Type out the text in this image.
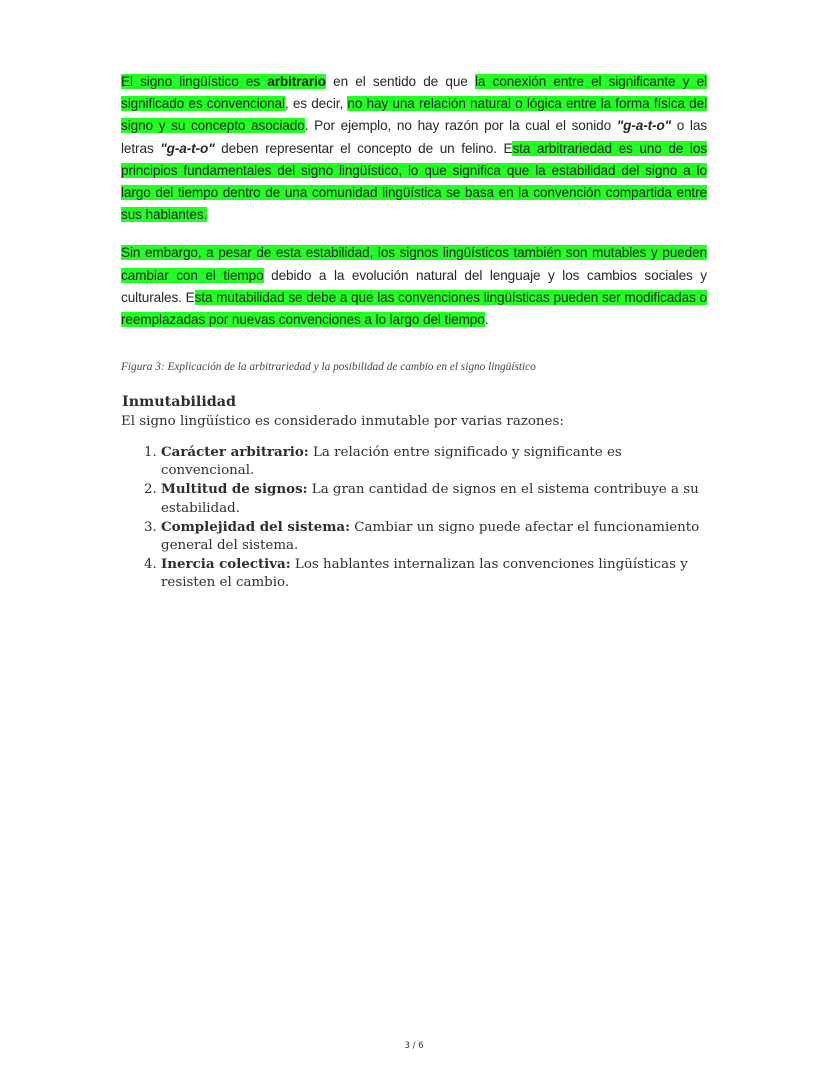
El signo lingüístico es arbitrario en el sentido de que la conexión entre el significante y el significado es convencional, es decir, no hay una relación natural o lógica entre la forma física del signo y su concepto asociado. Por ejemplo, no hay razón por la cual el sonido "g-a-t-o" o las letras "g-a-t-o" deben representar el concepto de un felino. Esta arbitrariedad es uno de los principios fundamentales del signo lingüístico, lo que significa que la estabilidad del signo a lo largo del tiempo dentro de una comunidad lingüística se basa en la convención compartida entre sus hablantes.

Sin embargo, a pesar de esta estabilidad, los signos lingüísticos también son mutables y pueden cambiar con el tiempo debido a la evolución natural del lenguaje y los cambios sociales y culturales. Esta mutabilidad se debe a que las convenciones lingüísticas pueden ser modificadas o reemplazadas por nuevas convenciones a lo largo del tiempo.

Figura 3: Explicación de la arbitrariedad y la posibilidad de cambio en el signo lingüístico

Inmutabilidad

El signo lingüístico es considerado inmutable por varias razones:

1. Carácter arbitrario: La relación entre significado y significante es convencional.
2. Multitud de signos: La gran cantidad de signos en el sistema contribuye a su estabilidad.
3. Complejidad del sistema: Cambiar un signo puede afectar el funcionamiento general del sistema.
4. Inercia colectiva: Los hablantes internalizan las convenciones lingüísticas y resisten el cambio.
3 / 6
